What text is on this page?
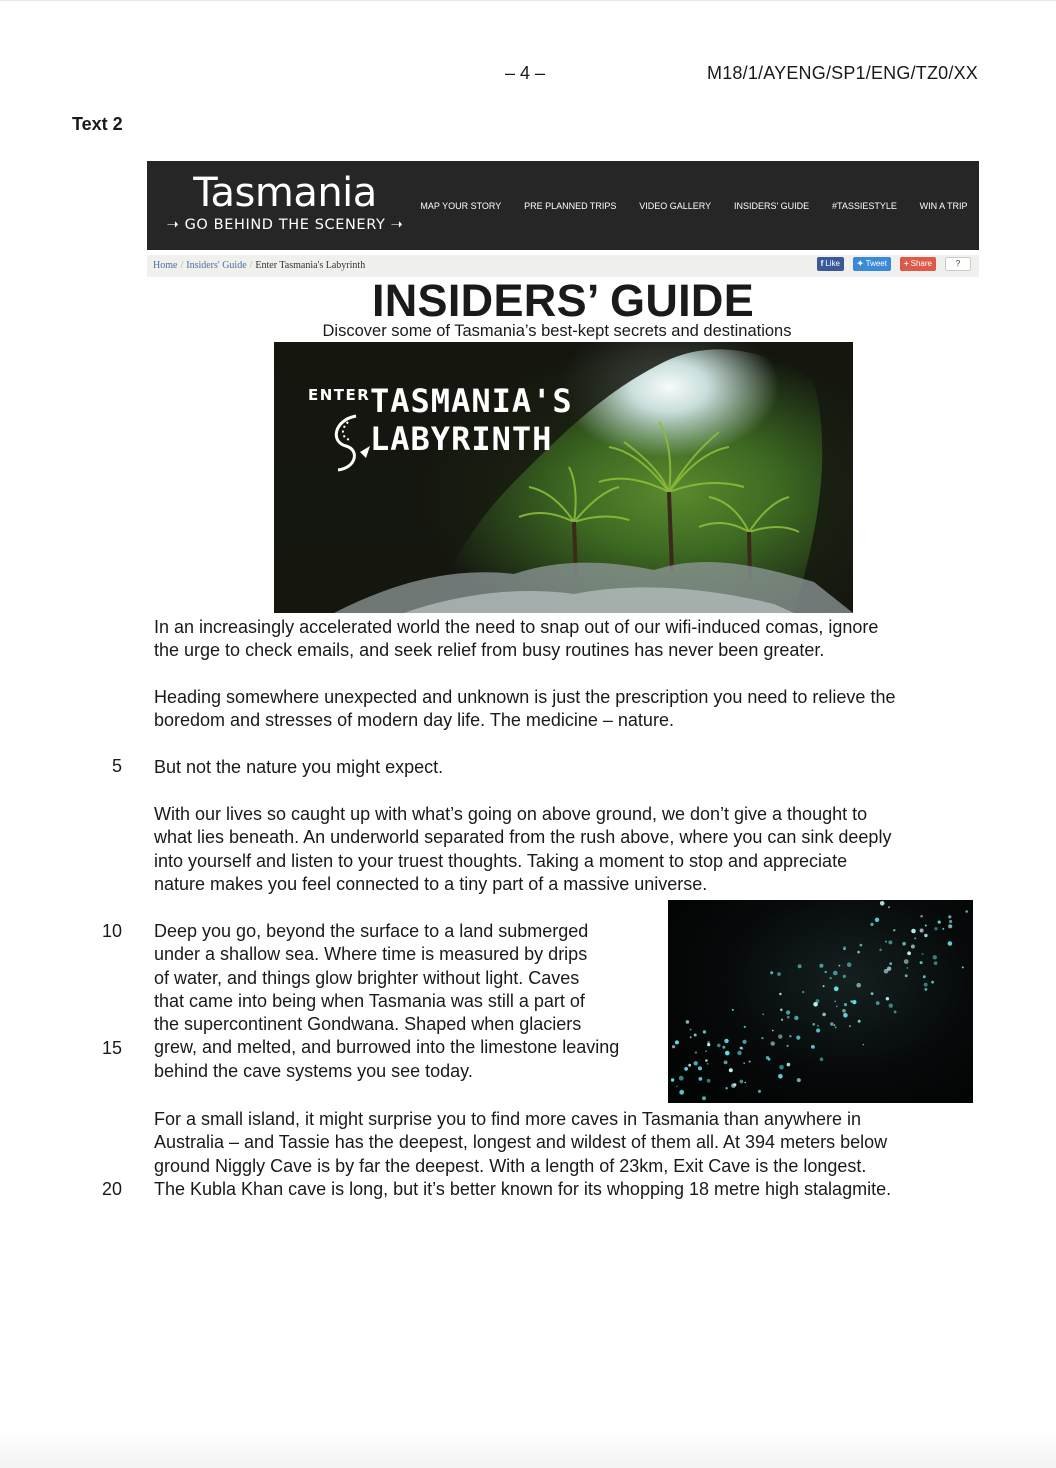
– 4 –	M18/1/AYENG/SP1/ENG/TZ0/XX
Text 2
Tasmania
➝ GO BEHIND THE SCENERY ➝
MAP YOUR STORY	PRE PLANNED TRIPS	VIDEO GALLERY	INSIDERS' GUIDE	#TASSIESTYLE	WIN A TRIP
Home / Insiders' Guide / Enter Tasmania's Labyrinth	f Like ✦ Tweet + Share	?
INSIDERS’ GUIDE
Discover some of Tasmania’s best-kept secrets and destinations
ENTER TASMANIA'S
LABYRINTH
In an increasingly accelerated world the need to snap out of our wifi-induced comas, ignore
the urge to check emails, and seek relief from busy routines has never been greater.
Heading somewhere unexpected and unknown is just the prescription you need to relieve the
boredom and stresses of modern day life. The medicine – nature.
But not the nature you might expect.
5
With our lives so caught up with what’s going on above ground, we don’t give a thought to
what lies beneath. An underworld separated from the rush above, where you can sink deeply
into yourself and listen to your truest thoughts. Taking a moment to stop and appreciate
nature makes you feel connected to a tiny part of a massive universe.
Deep you go, beyond the surface to a land submerged
under a shallow sea. Where time is measured by drips
of water, and things glow brighter without light. Caves
that came into being when Tasmania was still a part of
the supercontinent Gondwana. Shaped when glaciers
grew, and melted, and burrowed into the limestone leaving
behind the cave systems you see today.
10
15
For a small island, it might surprise you to find more caves in Tasmania than anywhere in
Australia – and Tassie has the deepest, longest and wildest of them all. At 394 meters below
ground Niggly Cave is by far the deepest. With a length of 23km, Exit Cave is the longest.
The Kubla Khan cave is long, but it’s better known for its whopping 18 metre high stalagmite.
20
